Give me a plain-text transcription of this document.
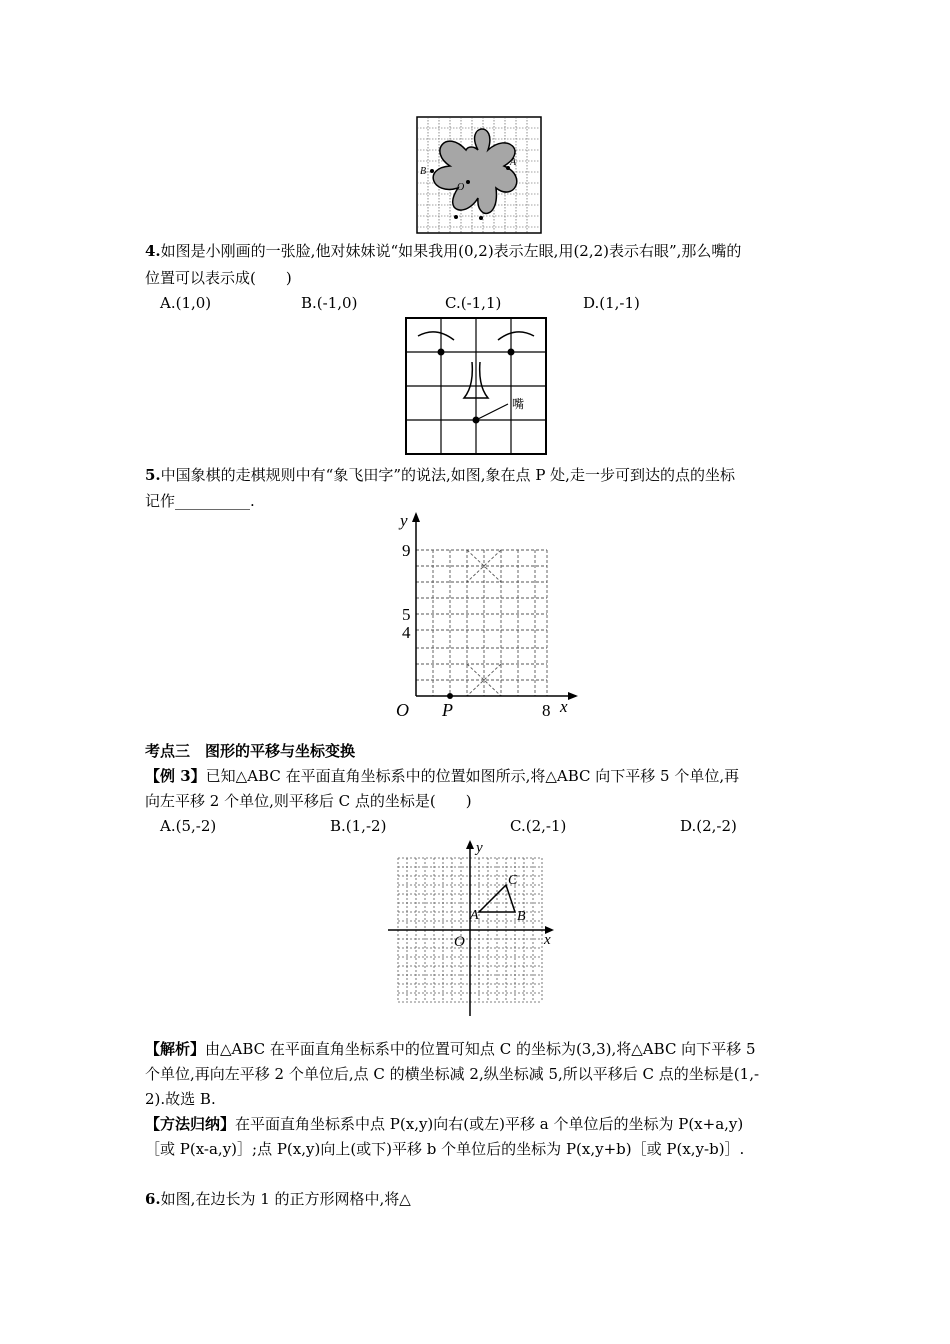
B
A
O
4.如图是小刚画的一张脸,他对妹妹说“如果我用(0,2)表示左眼,用(2,2)表示右眼”,那么嘴的
位置可以表示成(　　)
A.(1,0)	B.(-1,0)	C.(-1,1)	D.(1,-1)
嘴
5.中国象棋的走棋规则中有“象飞田字”的说法,如图,象在点 P 处,走一步可到达的点的坐标
记作__________.
y
x
O P
9
5
4
8
考点三　图形的平移与坐标变换
【例 3】已知△ABC 在平面直角坐标系中的位置如图所示,将△ABC 向下平移 5 个单位,再
向左平移 2 个单位,则平移后 C 点的坐标是(　　)
A.(5,-2)	B.(1,-2)	C.(2,-1)	D.(2,-2)
y
x
O
A	B
C
【解析】由△ABC 在平面直角坐标系中的位置可知点 C 的坐标为(3,3),将△ABC 向下平移 5
个单位,再向左平移 2 个单位后,点 C 的横坐标减 2,纵坐标减 5,所以平移后 C 点的坐标是(1,-
2).故选 B.
【方法归纳】在平面直角坐标系中点 P(x,y)向右(或左)平移 a 个单位后的坐标为 P(x+a,y)
［或 P(x-a,y)］;点 P(x,y)向上(或下)平移 b 个单位后的坐标为 P(x,y+b)［或 P(x,y-b)］.
6.如图,在边长为 1 的正方形网格中,将△
